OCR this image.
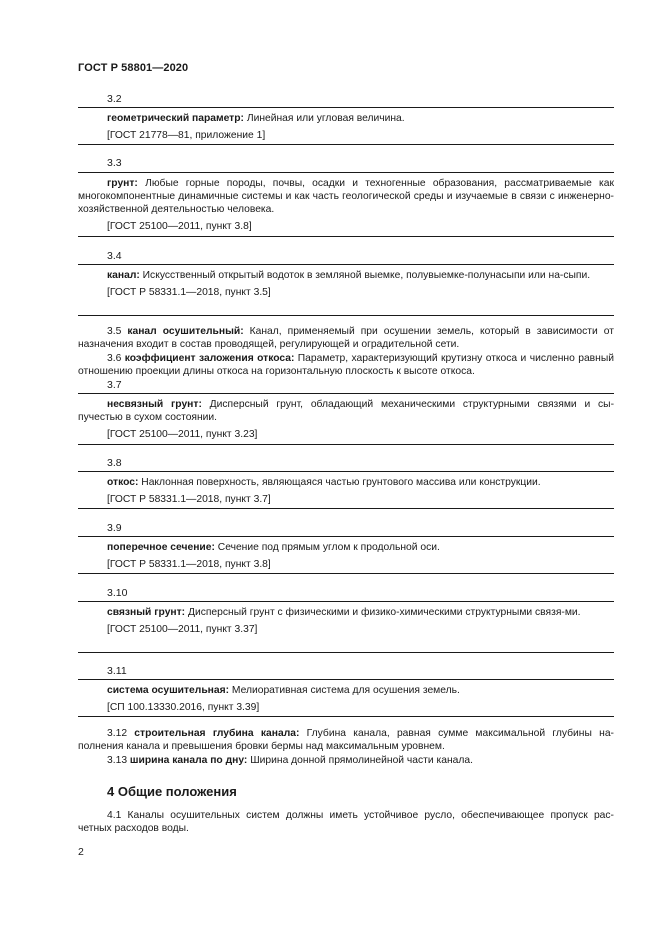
ГОСТ Р 58801—2020
3.2
геометрический параметр: Линейная или угловая величина.
[ГОСТ 21778—81, приложение 1]
3.3
грунт: Любые горные породы, почвы, осадки и техногенные образования, рассматриваемые как многокомпонентные динамичные системы и как часть геологической среды и изучаемые в связи с инженерно-хозяйственной деятельностью человека.
[ГОСТ 25100—2011, пункт 3.8]
3.4
канал: Искусственный открытый водоток в земляной выемке, полувыемке-полунасыпи или на-сыпи.
[ГОСТ Р 58331.1—2018, пункт 3.5]
3.5 канал осушительный: Канал, применяемый при осушении земель, который в зависимости от назначения входит в состав проводящей, регулирующей и оградительной сети.
3.6 коэффициент заложения откоса: Параметр, характеризующий крутизну откоса и численно равный отношению проекции длины откоса на горизонтальную плоскость к высоте откоса.
3.7
несвязный грунт: Дисперсный грунт, обладающий механическими структурными связями и сы-пучестью в сухом состоянии.
[ГОСТ 25100—2011, пункт 3.23]
3.8
откос: Наклонная поверхность, являющаяся частью грунтового массива или конструкции.
[ГОСТ Р 58331.1—2018, пункт 3.7]
3.9
поперечное сечение: Сечение под прямым углом к продольной оси.
[ГОСТ Р 58331.1—2018, пункт 3.8]
3.10
связный грунт: Дисперсный грунт с физическими и физико-химическими структурными связя-ми.
[ГОСТ 25100—2011, пункт 3.37]
3.11
система осушительная: Мелиоративная система для осушения земель.
[СП 100.13330.2016, пункт 3.39]
3.12 строительная глубина канала: Глубина канала, равная сумме максимальной глубины на-полнения канала и превышения бровки бермы над максимальным уровнем.
3.13 ширина канала по дну: Ширина донной прямолинейной части канала.
4 Общие положения
4.1 Каналы осушительных систем должны иметь устойчивое русло, обеспечивающее пропуск рас-четных расходов воды.
2
